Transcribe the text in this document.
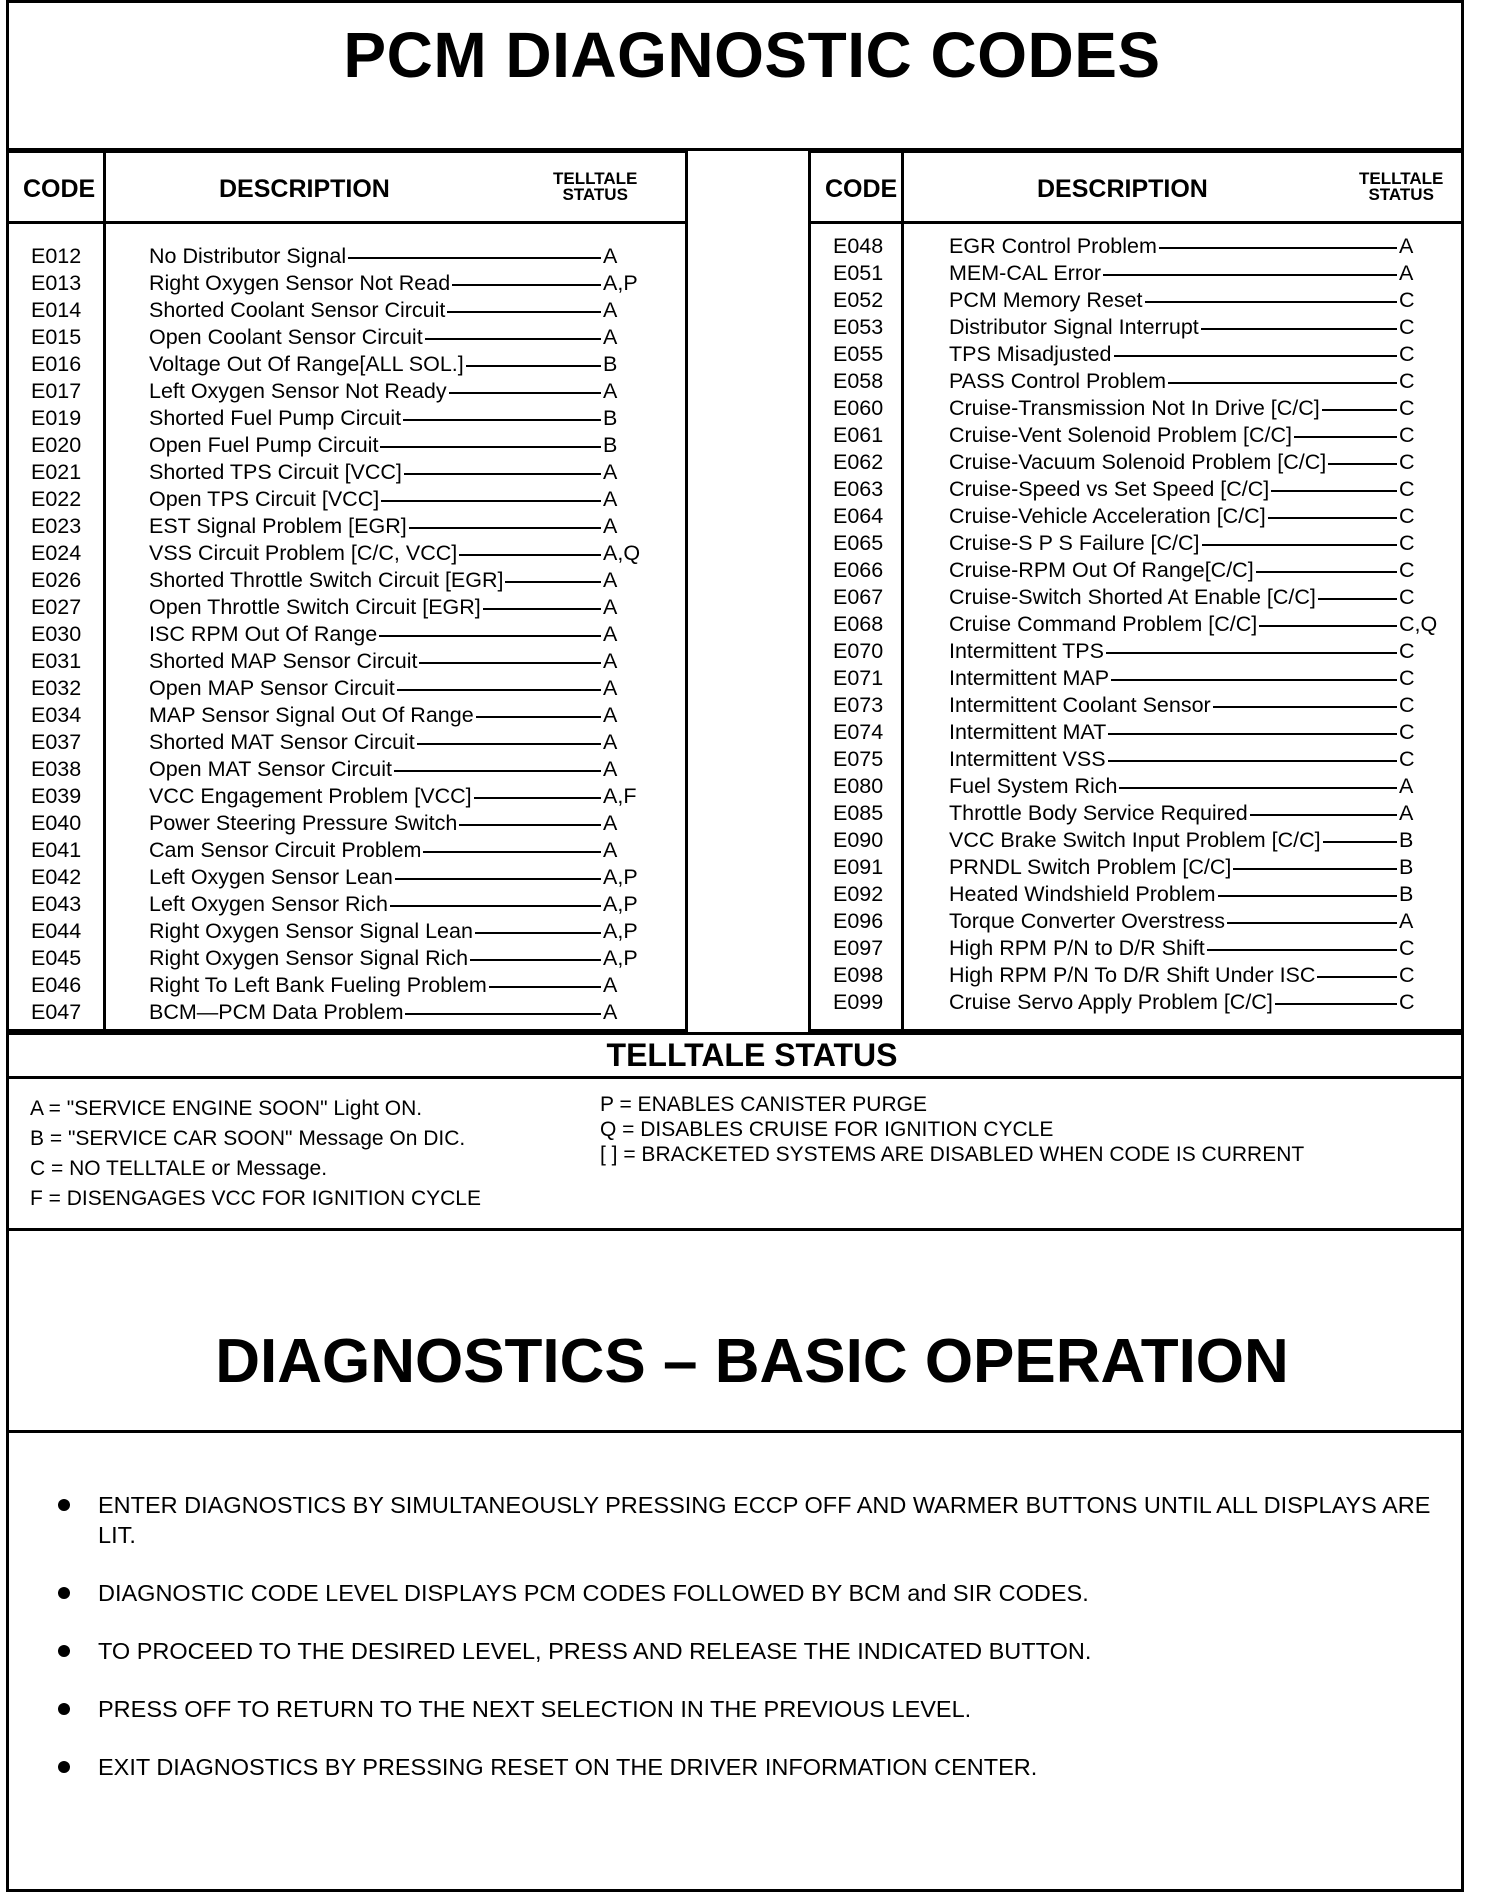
PCM DIAGNOSTIC CODES
CODE	DESCRIPTION	TELLTALE
STATUS
E012	No Distributor Signal	A
E013	Right Oxygen Sensor Not Read	A,P
E014	Shorted Coolant Sensor Circuit	A
E015	Open Coolant Sensor Circuit	A
E016	Voltage Out Of Range[ALL SOL.]	B
E017	Left Oxygen Sensor Not Ready	A
E019	Shorted Fuel Pump Circuit	B
E020	Open Fuel Pump Circuit	B
E021	Shorted TPS Circuit [VCC]	A
E022	Open TPS Circuit [VCC]	A
E023	EST Signal Problem [EGR]	A
E024	VSS Circuit Problem [C/C, VCC]	A,Q
E026	Shorted Throttle Switch Circuit [EGR]	A
E027	Open Throttle Switch Circuit [EGR]	A
E030	ISC RPM Out Of Range	A
E031	Shorted MAP Sensor Circuit	A
E032	Open MAP Sensor Circuit	A
E034	MAP Sensor Signal Out Of Range	A
E037	Shorted MAT Sensor Circuit	A
E038	Open MAT Sensor Circuit	A
E039	VCC Engagement Problem [VCC]	A,F
E040	Power Steering Pressure Switch	A
E041	Cam Sensor Circuit Problem	A
E042	Left Oxygen Sensor Lean	A,P
E043	Left Oxygen Sensor Rich	A,P
E044	Right Oxygen Sensor Signal Lean	A,P
E045	Right Oxygen Sensor Signal Rich	A,P
E046	Right To Left Bank Fueling Problem	A
E047	BCM—PCM Data Problem	A
CODE	DESCRIPTION	TELLTALE
STATUS
E048	EGR Control Problem	A
E051	MEM-CAL Error	A
E052	PCM Memory Reset	C
E053	Distributor Signal Interrupt	C
E055	TPS Misadjusted	C
E058	PASS Control Problem	C
E060	Cruise-Transmission Not In Drive [C/C]	C
E061	Cruise-Vent Solenoid Problem [C/C]	C
E062	Cruise-Vacuum Solenoid Problem [C/C]	C
E063	Cruise-Speed vs Set Speed [C/C]	C
E064	Cruise-Vehicle Acceleration [C/C]	C
E065	Cruise-S P S Failure [C/C]	C
E066	Cruise-RPM Out Of Range[C/C]	C
E067	Cruise-Switch Shorted At Enable [C/C]	C
E068	Cruise Command Problem [C/C]	C,Q
E070	Intermittent TPS	C
E071	Intermittent MAP	C
E073	Intermittent Coolant Sensor	C
E074	Intermittent MAT	C
E075	Intermittent VSS	C
E080	Fuel System Rich	A
E085	Throttle Body Service Required	A
E090	VCC Brake Switch Input Problem [C/C]	B
E091	PRNDL Switch Problem [C/C]	B
E092	Heated Windshield Problem	B
E096	Torque Converter Overstress	A
E097	High RPM P/N to D/R Shift	C
E098	High RPM P/N To D/R Shift Under ISC	C
E099	Cruise Servo Apply Problem [C/C]	C
TELLTALE STATUS
A = "SERVICE ENGINE SOON" Light ON.
B = "SERVICE CAR SOON" Message On DIC.
C = NO TELLTALE or Message.
F = DISENGAGES VCC FOR IGNITION CYCLE
P = ENABLES CANISTER PURGE
Q = DISABLES CRUISE FOR IGNITION CYCLE
[ ] = BRACKETED SYSTEMS ARE DISABLED WHEN CODE IS CURRENT
DIAGNOSTICS – BASIC OPERATION
ENTER DIAGNOSTICS BY SIMULTANEOUSLY PRESSING ECCP OFF AND WARMER BUTTONS UNTIL ALL DISPLAYS ARE LIT.
DIAGNOSTIC CODE LEVEL DISPLAYS PCM CODES FOLLOWED BY BCM and SIR CODES.
TO PROCEED TO THE DESIRED LEVEL, PRESS AND RELEASE THE INDICATED BUTTON.
PRESS OFF TO RETURN TO THE NEXT SELECTION IN THE PREVIOUS LEVEL.
EXIT DIAGNOSTICS BY PRESSING RESET ON THE DRIVER INFORMATION CENTER.
